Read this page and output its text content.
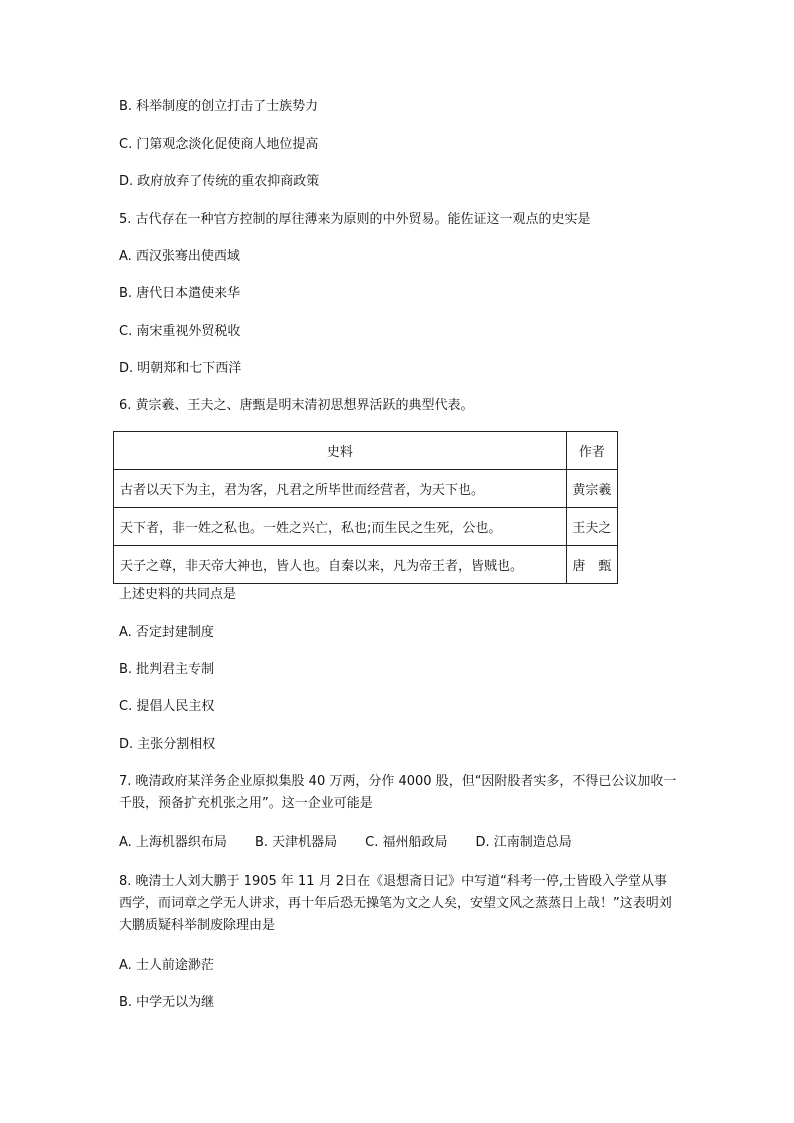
B. 科举制度的创立打击了士族势力
C. 门第观念淡化促使商人地位提高
D. 政府放弃了传统的重农抑商政策
5. 古代存在一种官方控制的厚往薄来为原则的中外贸易。能佐证这一观点的史实是
A. 西汉张骞出使西域
B. 唐代日本遣使来华
C. 南宋重视外贸税收
D. 明朝郑和七下西洋
6. 黄宗羲、王夫之、唐甄是明末清初思想界活跃的典型代表。
史料	作者
古者以天下为主，君为客，凡君之所毕世而经营者，为天下也。	黄宗羲
天下者，非一姓之私也。一姓之兴亡，私也;而生民之生死，公也。	王夫之
天子之尊，非天帝大神也，皆人也。自秦以来，凡为帝王者，皆贼也。	唐　甄
上述史料的共同点是
A. 否定封建制度
B. 批判君主专制
C. 提倡人民主权
D. 主张分割相权
7. 晚清政府某洋务企业原拟集股 40 万两，分作 4000 股，但“因附股者实多，不得已公议加收一千股，预备扩充机张之用”。这一企业可能是
A. 上海机器织布局 B. 天津机器局 C. 福州船政局 D. 江南制造总局
8. 晚清士人刘大鹏于 1905 年 11 月 2日在《退想斋日记》中写道“科考一停,士皆殴入学堂从事西学，而词章之学无人讲求，再十年后恐无操笔为文之人矣，安望文风之蒸蒸日上哉！”这表明刘大鹏质疑科举制废除理由是
A. 士人前途渺茫
B. 中学无以为继
